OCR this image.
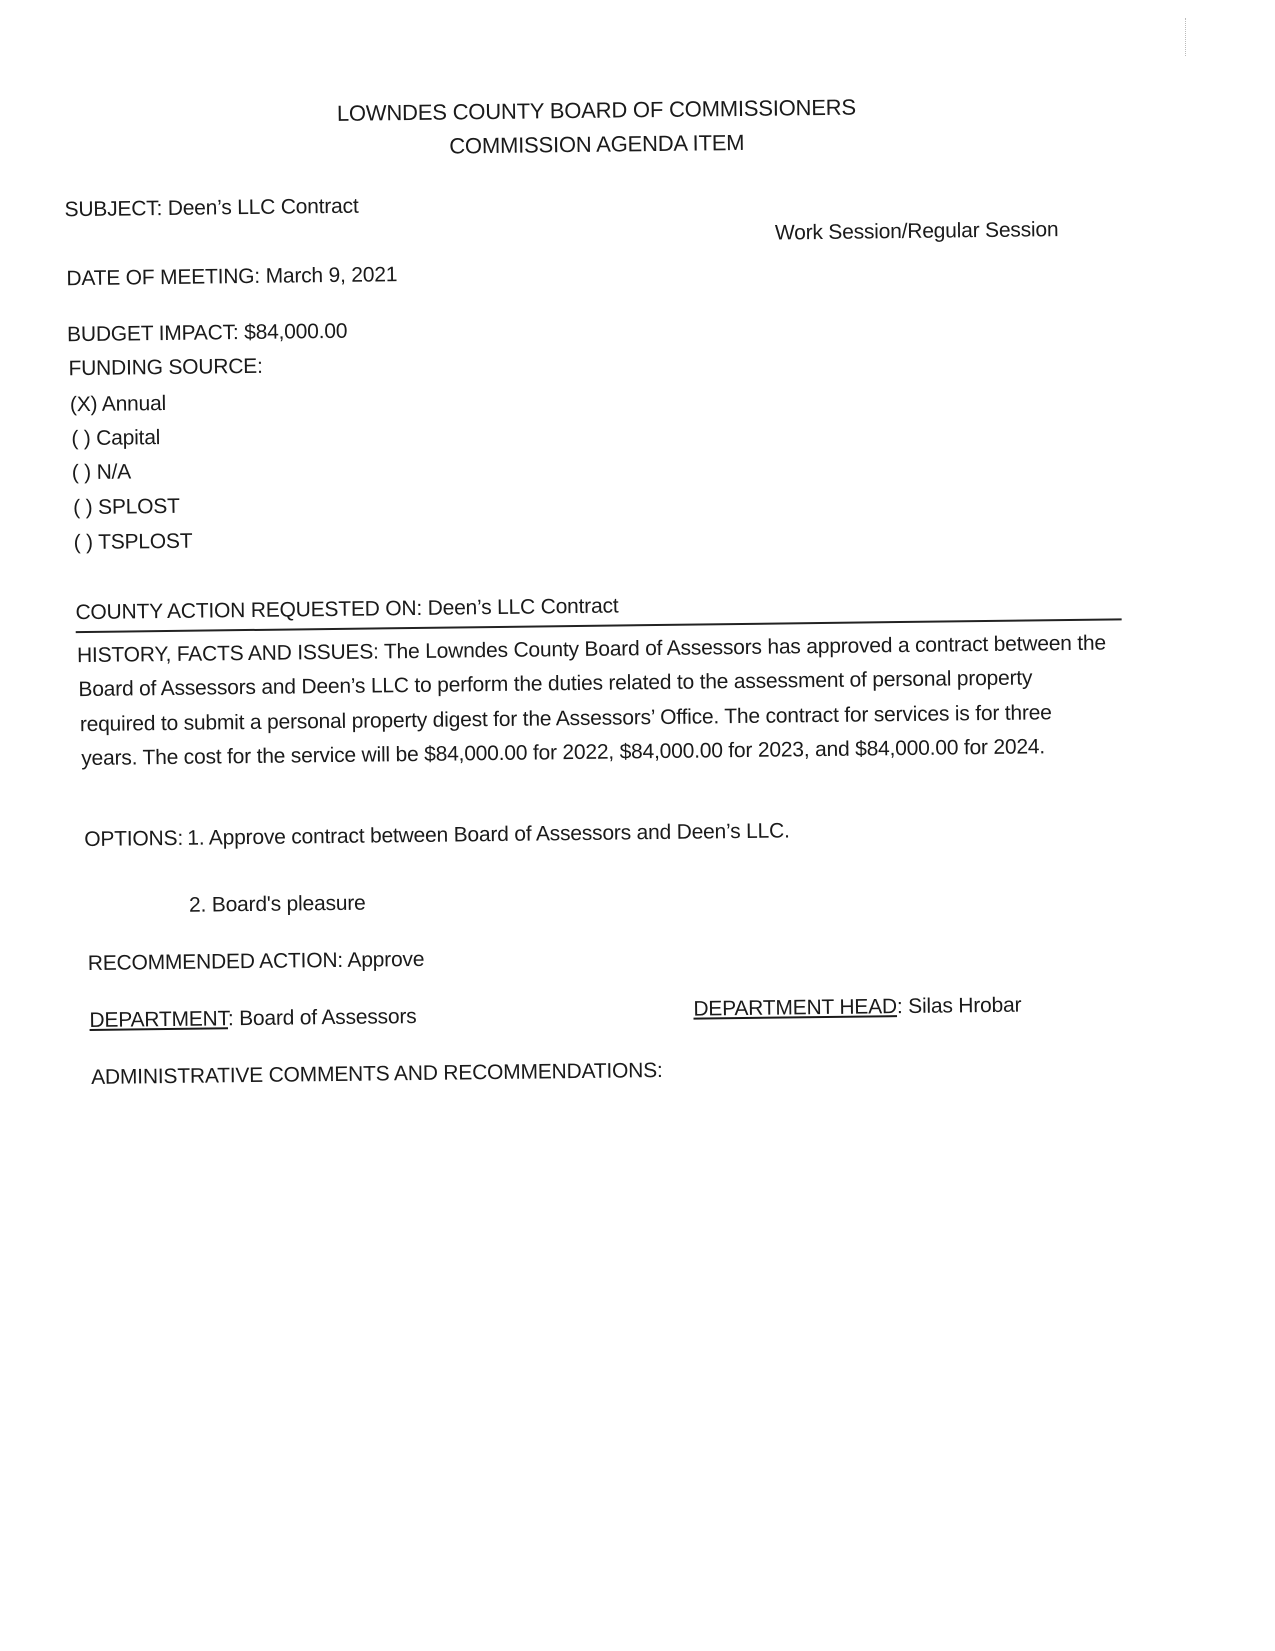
LOWNDES COUNTY BOARD OF COMMISSIONERS
COMMISSION AGENDA ITEM
SUBJECT: Deen’s LLC Contract
Work Session/Regular Session
DATE OF MEETING: March 9, 2021
BUDGET IMPACT: $84,000.00
FUNDING SOURCE:
(X) Annual
( ) Capital
( ) N/A
( ) SPLOST
( ) TSPLOST
COUNTY ACTION REQUESTED ON: Deen’s LLC Contract
HISTORY, FACTS AND ISSUES: The Lowndes County Board of Assessors has approved a contract between the
Board of Assessors and Deen’s LLC to perform the duties related to the assessment of personal property
required to submit a personal property digest for the Assessors’ Office. The contract for services is for three
years. The cost for the service will be $84,000.00 for 2022, $84,000.00 for 2023, and $84,000.00 for 2024.
OPTIONS: 1. Approve contract between Board of Assessors and Deen’s LLC.
2. Board's pleasure
RECOMMENDED ACTION: Approve
DEPARTMENT: Board of Assessors	DEPARTMENT HEAD: Silas Hrobar
ADMINISTRATIVE COMMENTS AND RECOMMENDATIONS:
